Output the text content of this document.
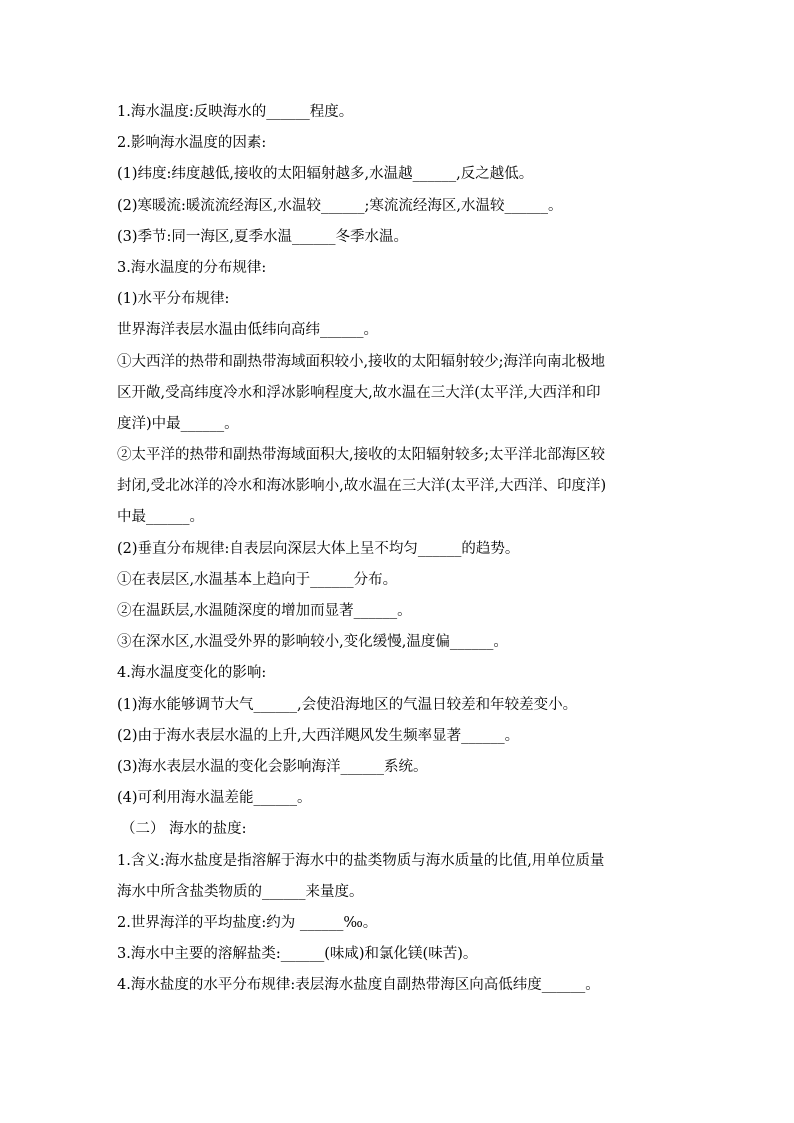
1.海水温度:反映海水的______程度。
2.影响海水温度的因素:
(1)纬度:纬度越低,接收的太阳辐射越多,水温越______,反之越低。
(2)寒暖流:暖流流经海区,水温较______;寒流流经海区,水温较______。
(3)季节:同一海区,夏季水温______冬季水温。
3.海水温度的分布规律:
(1)水平分布规律:
世界海洋表层水温由低纬向高纬______。
①大西洋的热带和副热带海域面积较小,接收的太阳辐射较少;海洋向南北极地
区开敞,受高纬度冷水和浮冰影响程度大,故水温在三大洋(太平洋,大西洋和印
度洋)中最______。
②太平洋的热带和副热带海域面积大,接收的太阳辐射较多;太平洋北部海区较
封闭,受北冰洋的冷水和海冰影响小,故水温在三大洋(太平洋,大西洋、印度洋)
中最______。
(2)垂直分布规律:自表层向深层大体上呈不均匀______的趋势。
①在表层区,水温基本上趋向于______分布。
②在温跃层,水温随深度的增加而显著______。
③在深水区,水温受外界的影响较小,变化缓慢,温度偏______。
4.海水温度变化的影响:
(1)海水能够调节大气______,会使沿海地区的气温日较差和年较差变小。
(2)由于海水表层水温的上升,大西洋飓风发生频率显著______。
(3)海水表层水温的变化会影响海洋______系统。
(4)可利用海水温差能______。
（二） 海水的盐度:
1.含义:海水盐度是指溶解于海水中的盐类物质与海水质量的比值,用单位质量
海水中所含盐类物质的______来量度。
2.世界海洋的平均盐度:约为 ______‰。
3.海水中主要的溶解盐类:______(味咸)和氯化镁(味苦)。
4.海水盐度的水平分布规律:表层海水盐度自副热带海区向高低纬度______。
